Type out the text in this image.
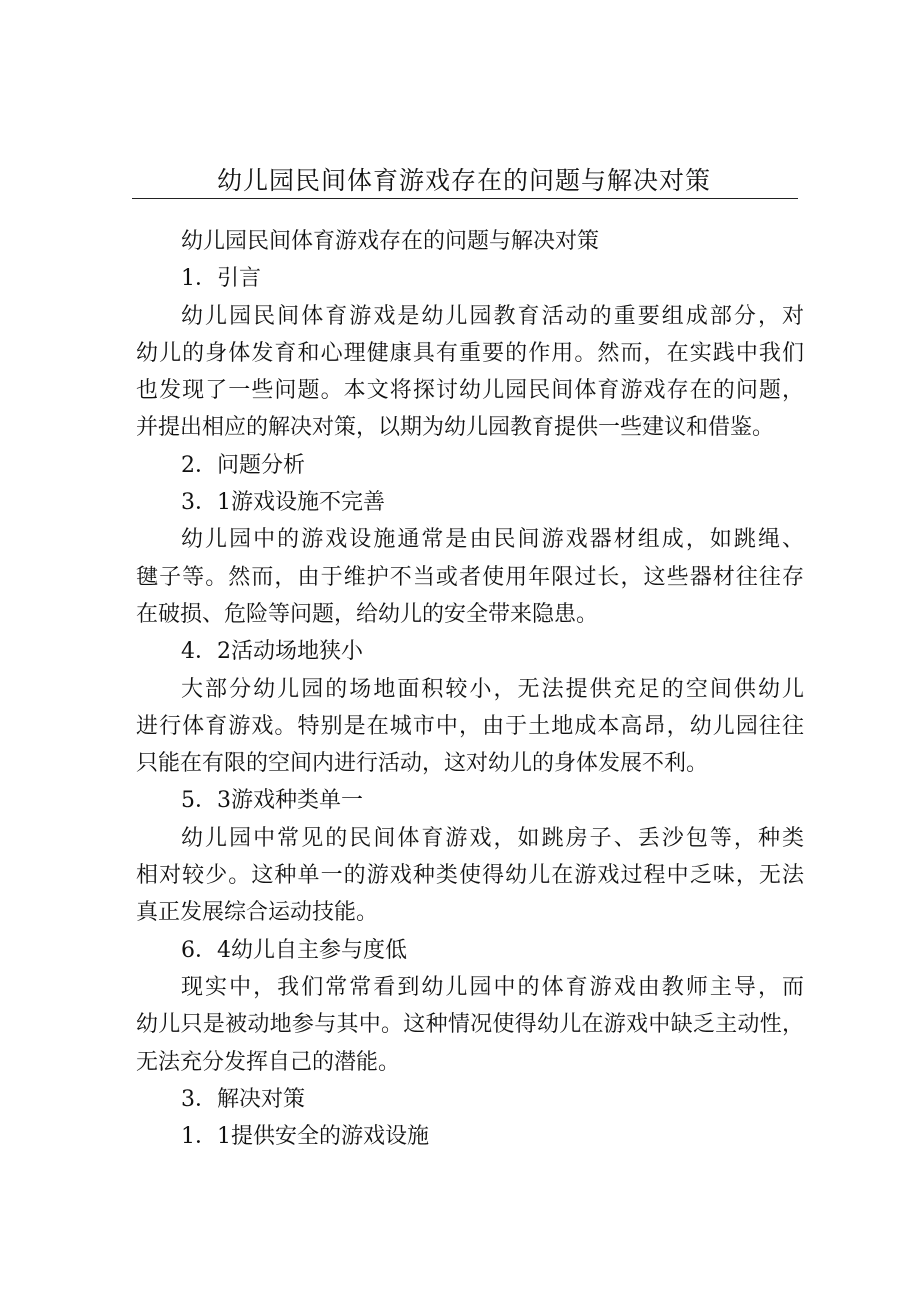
幼儿园民间体育游戏存在的问题与解决对策
幼儿园民间体育游戏存在的问题与解决对策
1．引言
幼儿园民间体育游戏是幼儿园教育活动的重要组成部分，对
幼儿的身体发育和心理健康具有重要的作用。然而，在实践中我们
也发现了一些问题。本文将探讨幼儿园民间体育游戏存在的问题，
并提出相应的解决对策，以期为幼儿园教育提供一些建议和借鉴。
2．问题分析
3．1游戏设施不完善
幼儿园中的游戏设施通常是由民间游戏器材组成，如跳绳、
毽子等。然而，由于维护不当或者使用年限过长，这些器材往往存
在破损、危险等问题，给幼儿的安全带来隐患。
4．2活动场地狭小
大部分幼儿园的场地面积较小，无法提供充足的空间供幼儿
进行体育游戏。特别是在城市中，由于土地成本高昂，幼儿园往往
只能在有限的空间内进行活动，这对幼儿的身体发展不利。
5．3游戏种类单一
幼儿园中常见的民间体育游戏，如跳房子、丢沙包等，种类
相对较少。这种单一的游戏种类使得幼儿在游戏过程中乏味，无法
真正发展综合运动技能。
6．4幼儿自主参与度低
现实中，我们常常看到幼儿园中的体育游戏由教师主导，而
幼儿只是被动地参与其中。这种情况使得幼儿在游戏中缺乏主动性，
无法充分发挥自己的潜能。
3．解决对策
1．1提供安全的游戏设施
